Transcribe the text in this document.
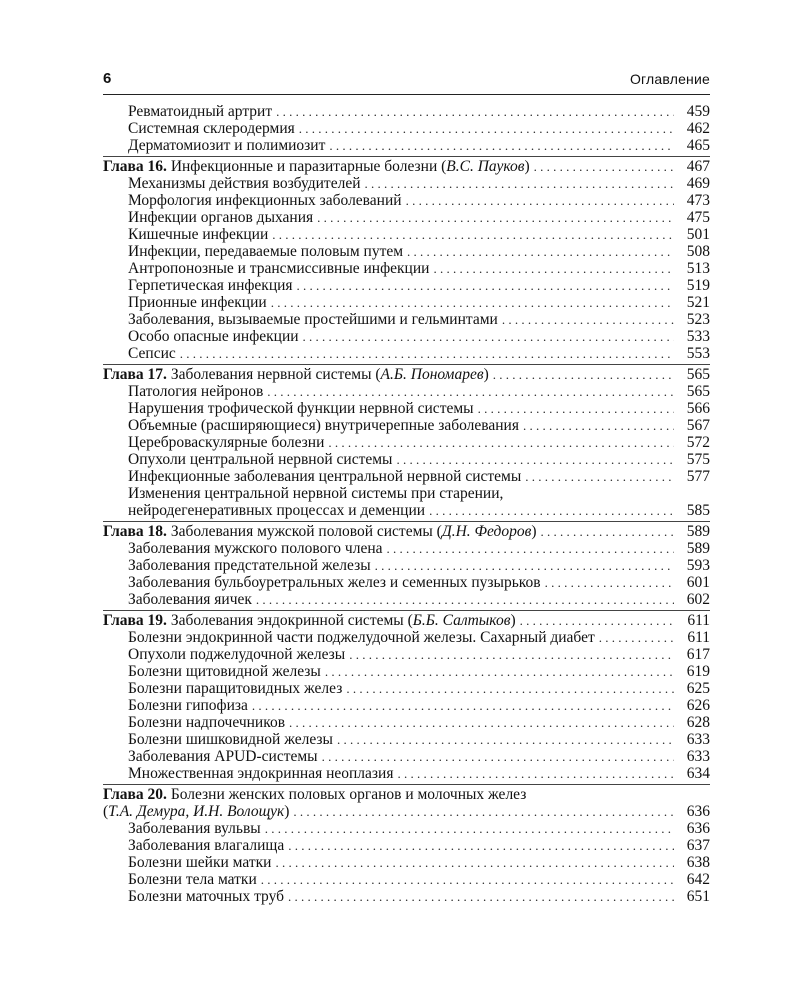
6	Оглавление
Ревматоидный артрит . . .	459
Системная склеродермия . . .	462
Дерматомиозит и полимиозит . . .	465
Глава 16. Инфекционные и паразитарные болезни (В.С. Пауков) . . .	467
Механизмы действия возбудителей . . .	469
Морфология инфекционных заболеваний . . .	473
Инфекции органов дыхания . . .	475
Кишечные инфекции . . .	501
Инфекции, передаваемые половым путем . . .	508
Антропонозные и трансмиссивные инфекции . . .	513
Герпетическая инфекция . . .	519
Прионные инфекции . . .	521
Заболевания, вызываемые простейшими и гельминтами . . .	523
Особо опасные инфекции . . .	533
Сепсис . . .	553
Глава 17. Заболевания нервной системы (А.Б. Пономарев) . . .	565
Патология нейронов . . .	565
Нарушения трофической функции нервной системы . . .	566
Объемные (расширяющиеся) внутричерепные заболевания . . .	567
Цереброваскулярные болезни . . .	572
Опухоли центральной нервной системы . . .	575
Инфекционные заболевания центральной нервной системы . . .	577
Изменения центральной нервной системы при старении,
нейродегенеративных процессах и деменции . . .	585
Глава 18. Заболевания мужской половой системы (Д.Н. Федоров) . . .	589
Заболевания мужского полового члена . . .	589
Заболевания предстательной железы . . .	593
Заболевания бульбоуретральных желез и семенных пузырьков . . .	601
Заболевания яичек . . .	602
Глава 19. Заболевания эндокринной системы (Б.Б. Салтыков) . . .	611
Болезни эндокринной части поджелудочной железы. Сахарный диабет . . .	611
Опухоли поджелудочной железы . . .	617
Болезни щитовидной железы . . .	619
Болезни паращитовидных желез . . .	625
Болезни гипофиза . . .	626
Болезни надпочечников . . .	628
Болезни шишковидной железы . . .	633
Заболевания APUD-системы . . .	633
Множественная эндокринная неоплазия . . .	634
Глава 20. Болезни женских половых органов и молочных желез
(Т.А. Демура, И.Н. Волощук) . . .	636
Заболевания вульвы . . .	636
Заболевания влагалища . . .	637
Болезни шейки матки . . .	638
Болезни тела матки . . .	642
Болезни маточных труб . . .	651
